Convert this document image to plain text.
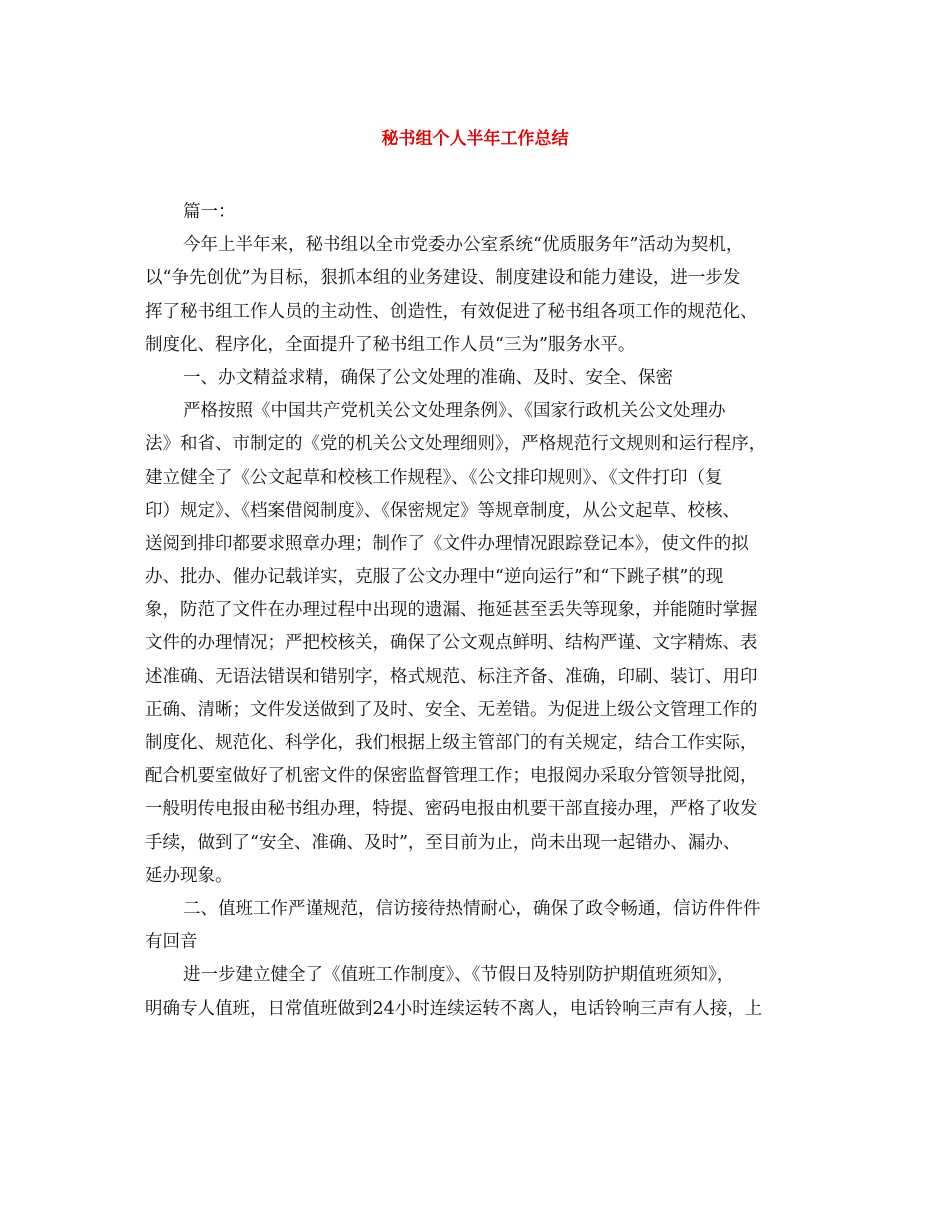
秘书组个人半年工作总结
篇一：
今年上半年来，秘书组以全市党委办公室系统“优质服务年”活动为契机，
以“争先创优”为目标，狠抓本组的业务建设、制度建设和能力建设，进一步发
挥了秘书组工作人员的主动性、创造性，有效促进了秘书组各项工作的规范化、
制度化、程序化，全面提升了秘书组工作人员“三为”服务水平。
一、办文精益求精，确保了公文处理的准确、及时、安全、保密
严格按照《中国共产党机关公文处理条例》、《国家行政机关公文处理办
法》和省、市制定的《党的机关公文处理细则》，严格规范行文规则和运行程序，
建立健全了《公文起草和校核工作规程》、《公文排印规则》、《文件打印（复
印）规定》、《档案借阅制度》、《保密规定》等规章制度，从公文起草、校核、
送阅到排印都要求照章办理；制作了《文件办理情况跟踪登记本》，使文件的拟
办、批办、催办记载详实，克服了公文办理中“逆向运行”和“下跳子棋”的现
象，防范了文件在办理过程中出现的遗漏、拖延甚至丢失等现象，并能随时掌握
文件的办理情况；严把校核关，确保了公文观点鲜明、结构严谨、文字精炼、表
述准确、无语法错误和错别字，格式规范、标注齐备、准确，印刷、装订、用印
正确、清晰；文件发送做到了及时、安全、无差错。为促进上级公文管理工作的
制度化、规范化、科学化，我们根据上级主管部门的有关规定，结合工作实际，
配合机要室做好了机密文件的保密监督管理工作；电报阅办采取分管领导批阅，
一般明传电报由秘书组办理，特提、密码电报由机要干部直接办理，严格了收发
手续，做到了“安全、准确、及时”，至目前为止，尚未出现一起错办、漏办、
延办现象。
二、值班工作严谨规范，信访接待热情耐心，确保了政令畅通，信访件件件
有回音
进一步建立健全了《值班工作制度》、《节假日及特别防护期值班须知》，
明确专人值班，日常值班做到24小时连续运转不离人，电话铃响三声有人接，上
